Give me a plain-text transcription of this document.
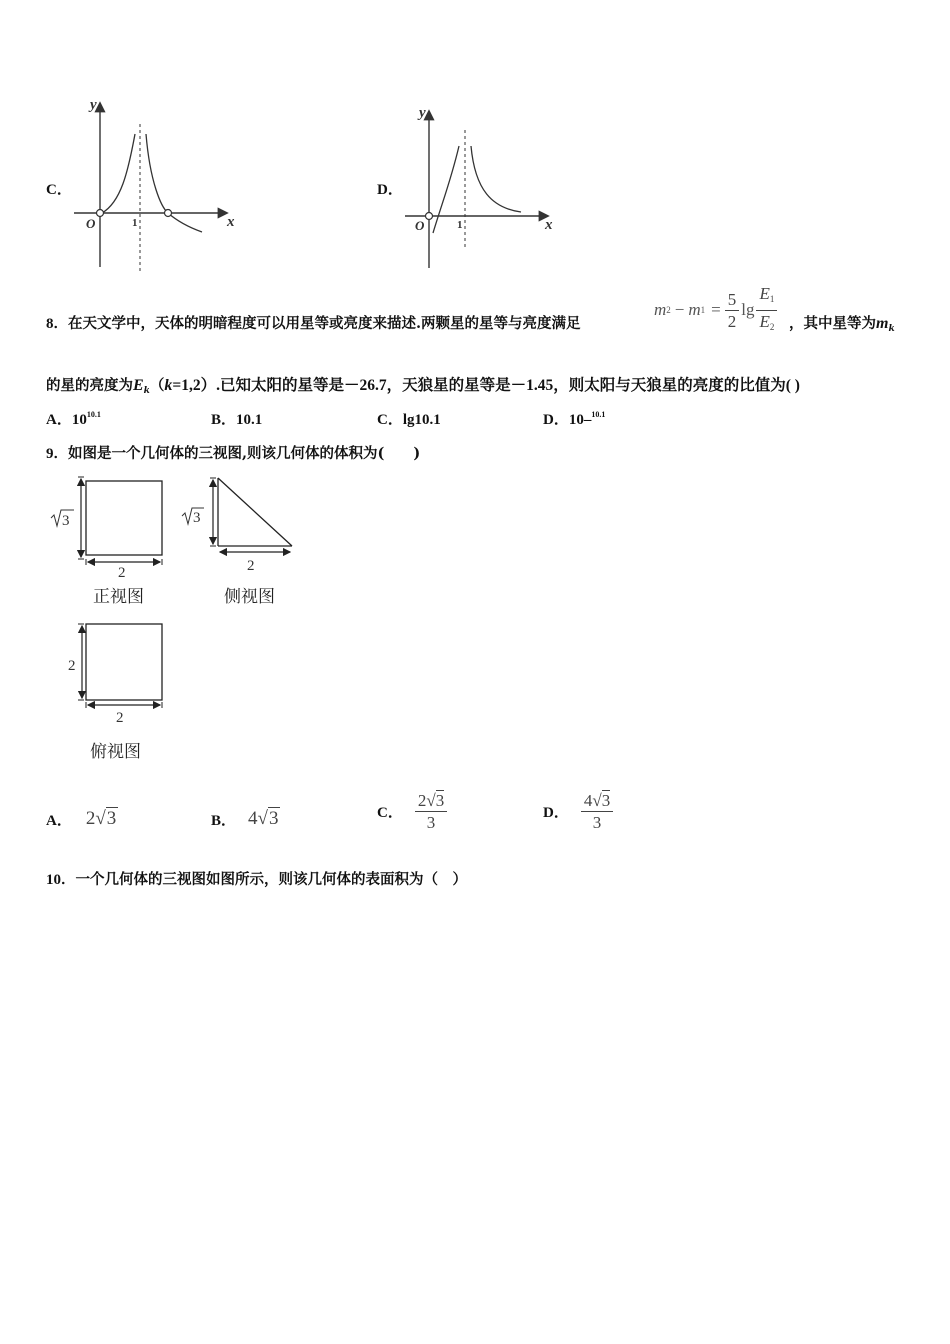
C．	D．
y
x
O	1
y
x
O	1
8．在天文学中，天体的明暗程度可以用星等或亮度来描述.两颗星的星等与亮度满足
m 2 − m $1 = \frac{5}{2}$ $\lg \frac{E_1}{E_2}$ ，其中星等为$m_k$
的星的亮度为$E_k(k=1,2)$.已知太阳的星等是－26.7，天狼星的星等是－1.45，则太阳与天狼星的亮度的比值为( )
A．$10^{10.1}$	B．10.1	C．lg10.1	D．10–$^{10.1}$
9．如图是一个几何体的三视图,则该几何体的体积为(　　)
3
2
正视图
3
2
侧视图
2
2
俯视图
A． 2√3	B． 4√3	C． $\frac{2√3}{3}$	D． $\frac{4√3}{3}$
10．一个几何体的三视图如图所示，则该几何体的表面积为（　）
